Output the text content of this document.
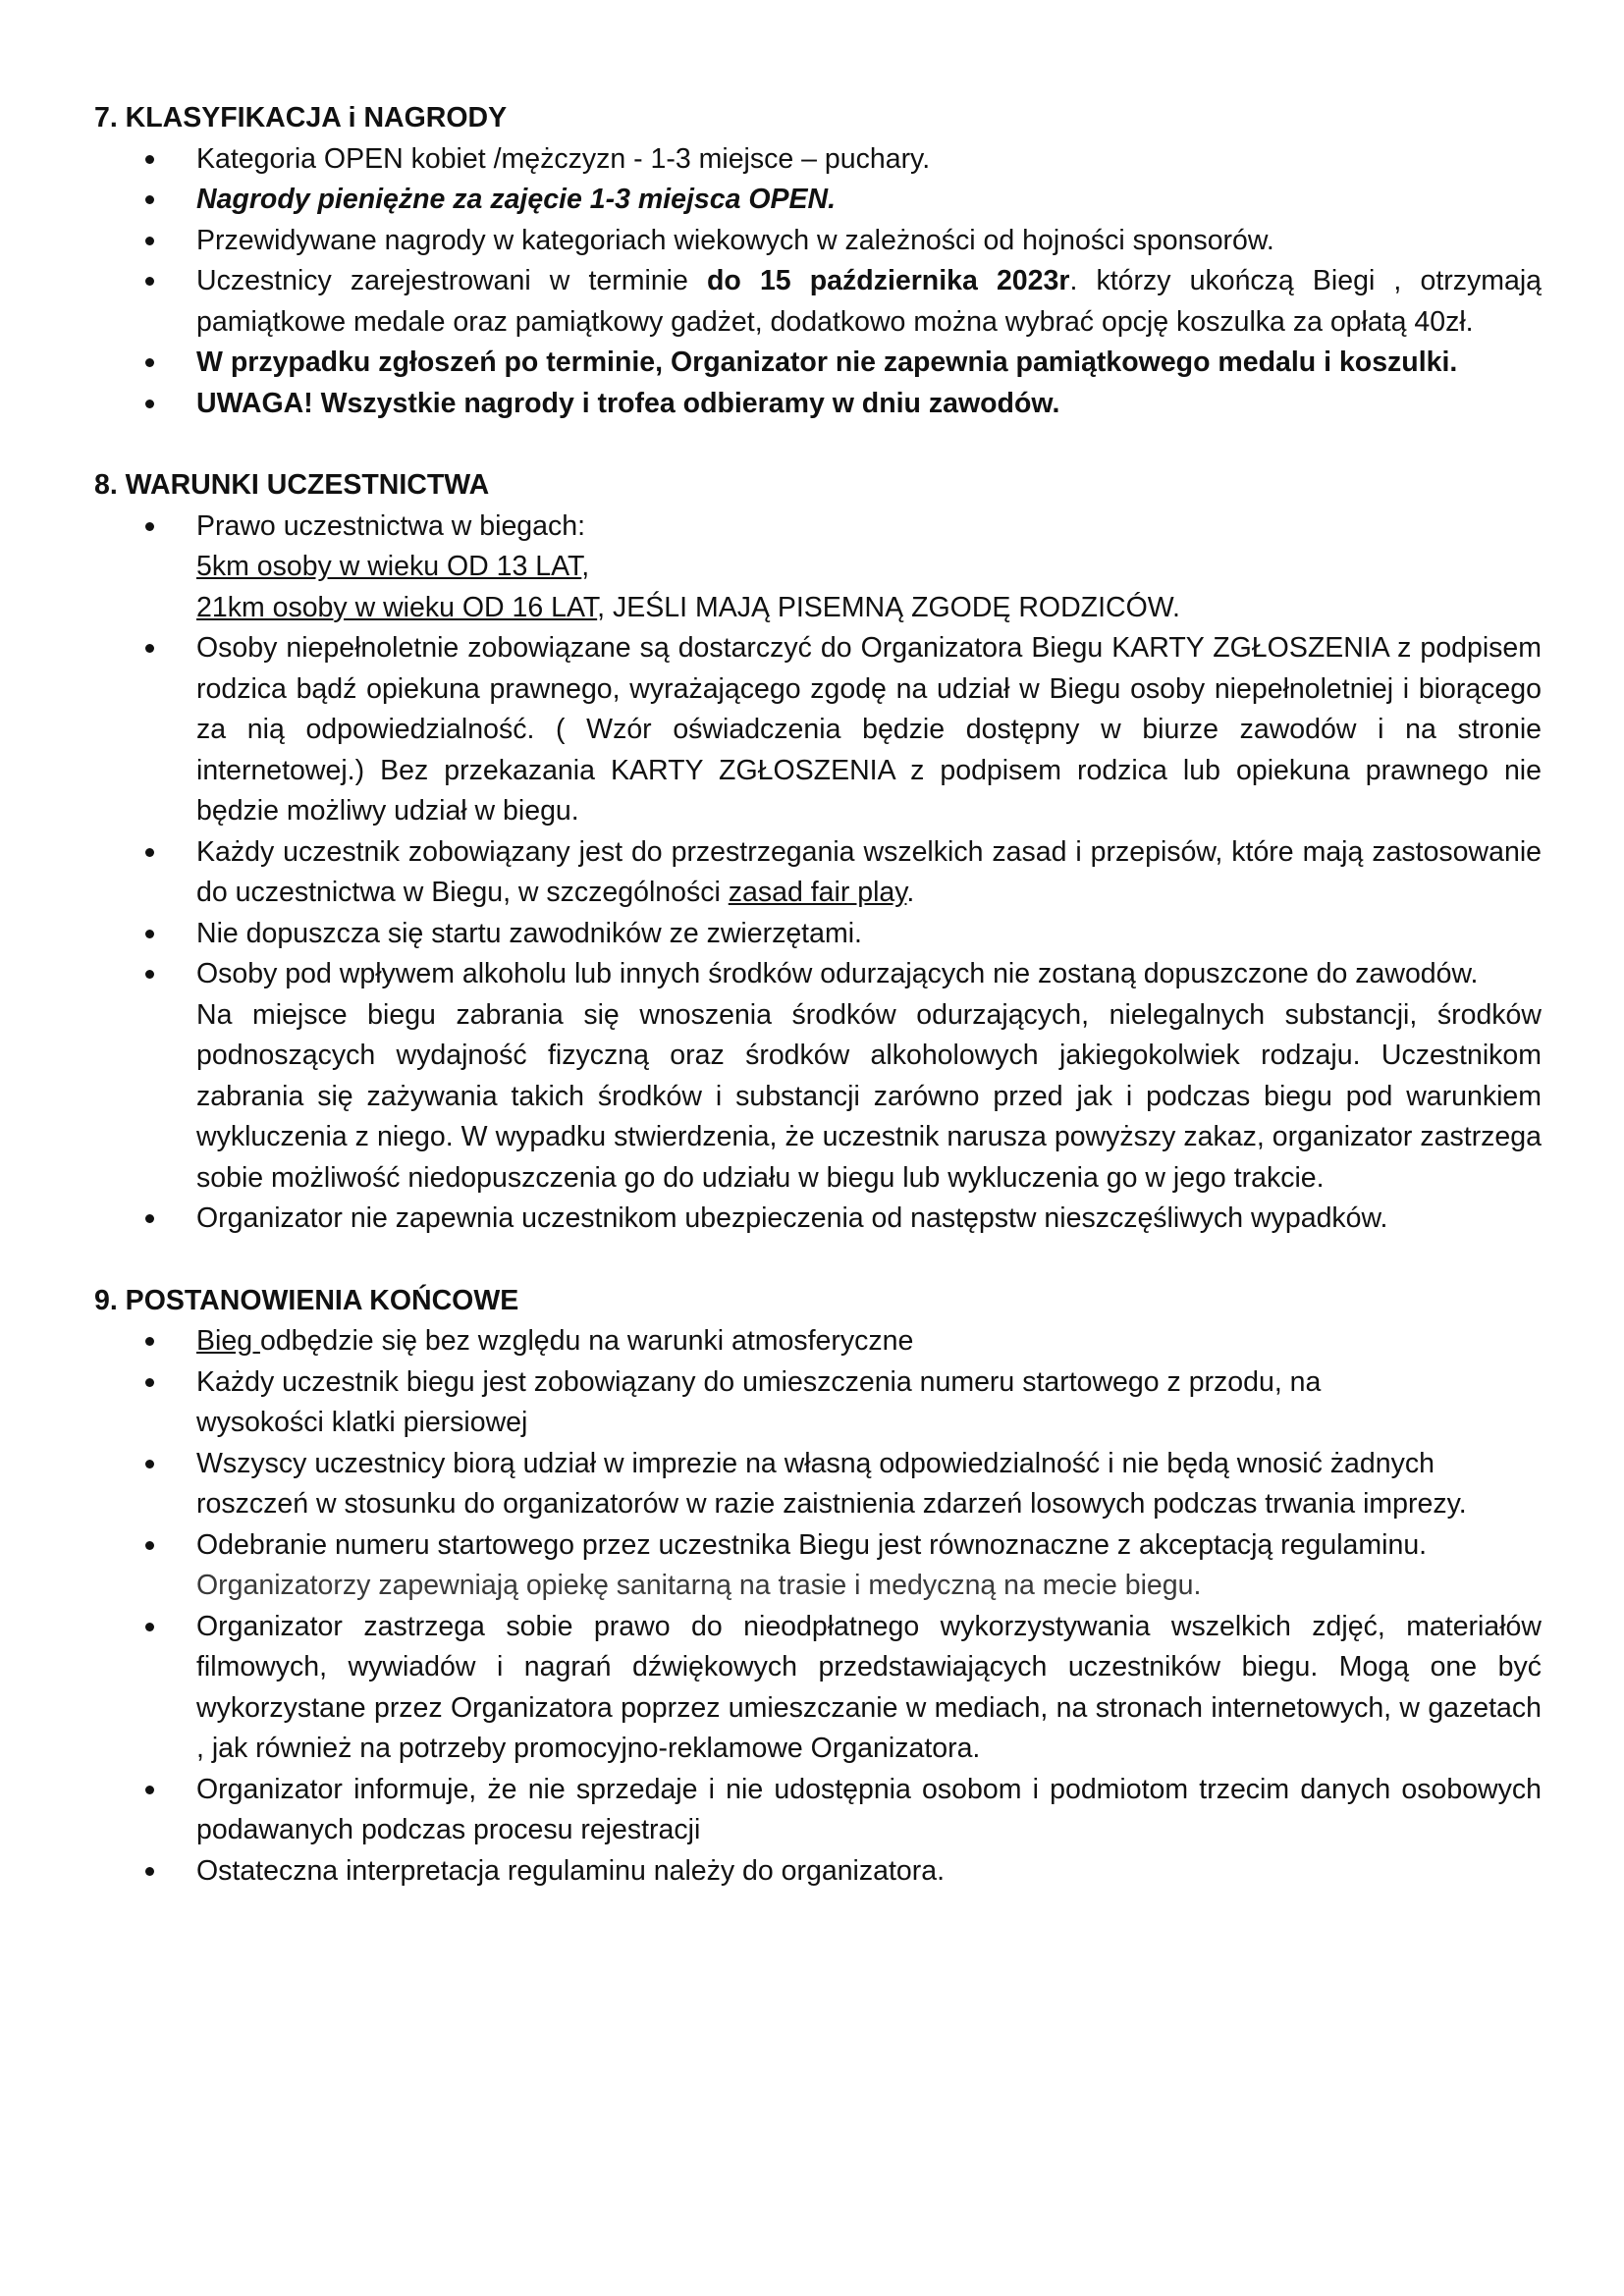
7. KLASYFIKACJA i NAGRODY

Kategoria OPEN kobiet /mężczyzn - 1-3 miejsce – puchary.
Nagrody pieniężne za zajęcie 1-3 miejsca OPEN.
Przewidywane nagrody w kategoriach wiekowych w zależności od hojności sponsorów.
Uczestnicy zarejestrowani w terminie do 15 października 2023r. którzy ukończą Biegi , otrzymają pamiątkowe medale oraz pamiątkowy gadżet, dodatkowo można wybrać opcję koszulka za opłatą 40zł.
W przypadku zgłoszeń po terminie, Organizator nie zapewnia pamiątkowego medalu i koszulki.
UWAGA! Wszystkie nagrody i trofea odbieramy w dniu zawodów.

8. WARUNKI UCZESTNICTWA

Prawo uczestnictwa w biegach:
5km osoby w wieku OD 13 LAT,
21km osoby w wieku OD 16 LAT, JEŚLI MAJĄ PISEMNĄ ZGODĘ RODZICÓW.
Osoby niepełnoletnie zobowiązane są dostarczyć do Organizatora Biegu KARTY ZGŁOSZENIA z podpisem rodzica bądź opiekuna prawnego, wyrażającego zgodę na udział w Biegu osoby niepełnoletniej i biorącego za nią odpowiedzialność. ( Wzór oświadczenia będzie dostępny w biurze zawodów i na stronie internetowej.) Bez przekazania KARTY ZGŁOSZENIA z podpisem rodzica lub opiekuna prawnego nie będzie możliwy udział w biegu.
Każdy uczestnik zobowiązany jest do przestrzegania wszelkich zasad i przepisów, które mają zastosowanie do uczestnictwa w Biegu, w szczególności zasad fair play.
Nie dopuszcza się startu zawodników ze zwierzętami.
Osoby pod wpływem alkoholu lub innych środków odurzających nie zostaną dopuszczone do zawodów.
Na miejsce biegu zabrania się wnoszenia środków odurzających, nielegalnych substancji, środków podnoszących wydajność fizyczną oraz środków alkoholowych jakiegokolwiek rodzaju. Uczestnikom zabrania się zażywania takich środków i substancji zarówno przed jak i podczas biegu pod warunkiem wykluczenia z niego. W wypadku stwierdzenia, że uczestnik narusza powyższy zakaz, organizator zastrzega sobie możliwość niedopuszczenia go do udziału w biegu lub wykluczenia go w jego trakcie.
Organizator nie zapewnia uczestnikom ubezpieczenia od następstw nieszczęśliwych wypadków.

9. POSTANOWIENIA KOŃCOWE

Bieg odbędzie się bez względu na warunki atmosferyczne
Każdy uczestnik biegu jest zobowiązany do umieszczenia numeru startowego z przodu, na wysokości klatki piersiowej
Wszyscy uczestnicy biorą udział w imprezie na własną odpowiedzialność i nie będą wnosić żadnych roszczeń w stosunku do organizatorów w razie zaistnienia zdarzeń losowych podczas trwania imprezy.
Odebranie numeru startowego przez uczestnika Biegu jest równoznaczne z akceptacją regulaminu.
Organizatorzy zapewniają opiekę sanitarną na trasie i medyczną na mecie biegu.
Organizator zastrzega sobie prawo do nieodpłatnego wykorzystywania wszelkich zdjęć, materiałów filmowych, wywiadów i nagrań dźwiękowych przedstawiających uczestników biegu. Mogą one być wykorzystane przez Organizatora poprzez umieszczanie w mediach, na stronach internetowych, w gazetach , jak również na potrzeby promocyjno-reklamowe Organizatora.
Organizator informuje, że nie sprzedaje i nie udostępnia osobom i podmiotom trzecim danych osobowych podawanych podczas procesu rejestracji
Ostateczna interpretacja regulaminu należy do organizatora.
